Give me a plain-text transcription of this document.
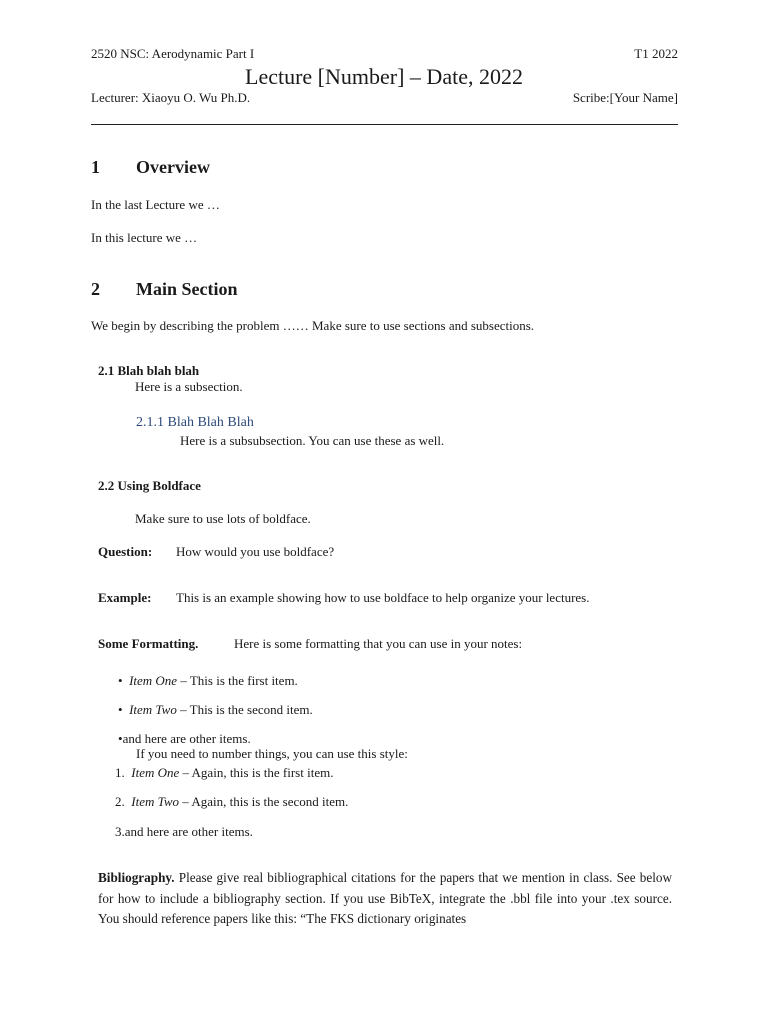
2520 NSC: Aerodynamic Part I	T1 2022
Lecture [Number] – Date, 2022
Lecturer: Xiaoyu O. Wu Ph.D.	Scribe:[Your Name]
1 Overview
In the last Lecture we …
In this lecture we …
2 Main Section
We begin by describing the problem …… Make sure to use sections and subsections.
2.1 Blah blah blah
Here is a subsection.
2.1.1 Blah Blah Blah
Here is a subsubsection. You can use these as well.
2.2 Using Boldface
Make sure to use lots of boldface.
Question: How would you use boldface?
Example: This is an example showing how to use boldface to help organize your lectures.
Some Formatting.	Here is some formatting that you can use in your notes:
• Item One – This is the first item.
• Item Two – This is the second item.
•and here are other items.
If you need to number things, you can use this style:
1. Item One – Again, this is the first item.
2. Item Two – Again, this is the second item.
3.and here are other items.
Bibliography. Please give real bibliographical citations for the papers that we mention in class. See below for how to include a bibliography section. If you use BibTeX, integrate the .bbl file into your .tex source. You should reference papers like this: “The FKS dictionary originates
